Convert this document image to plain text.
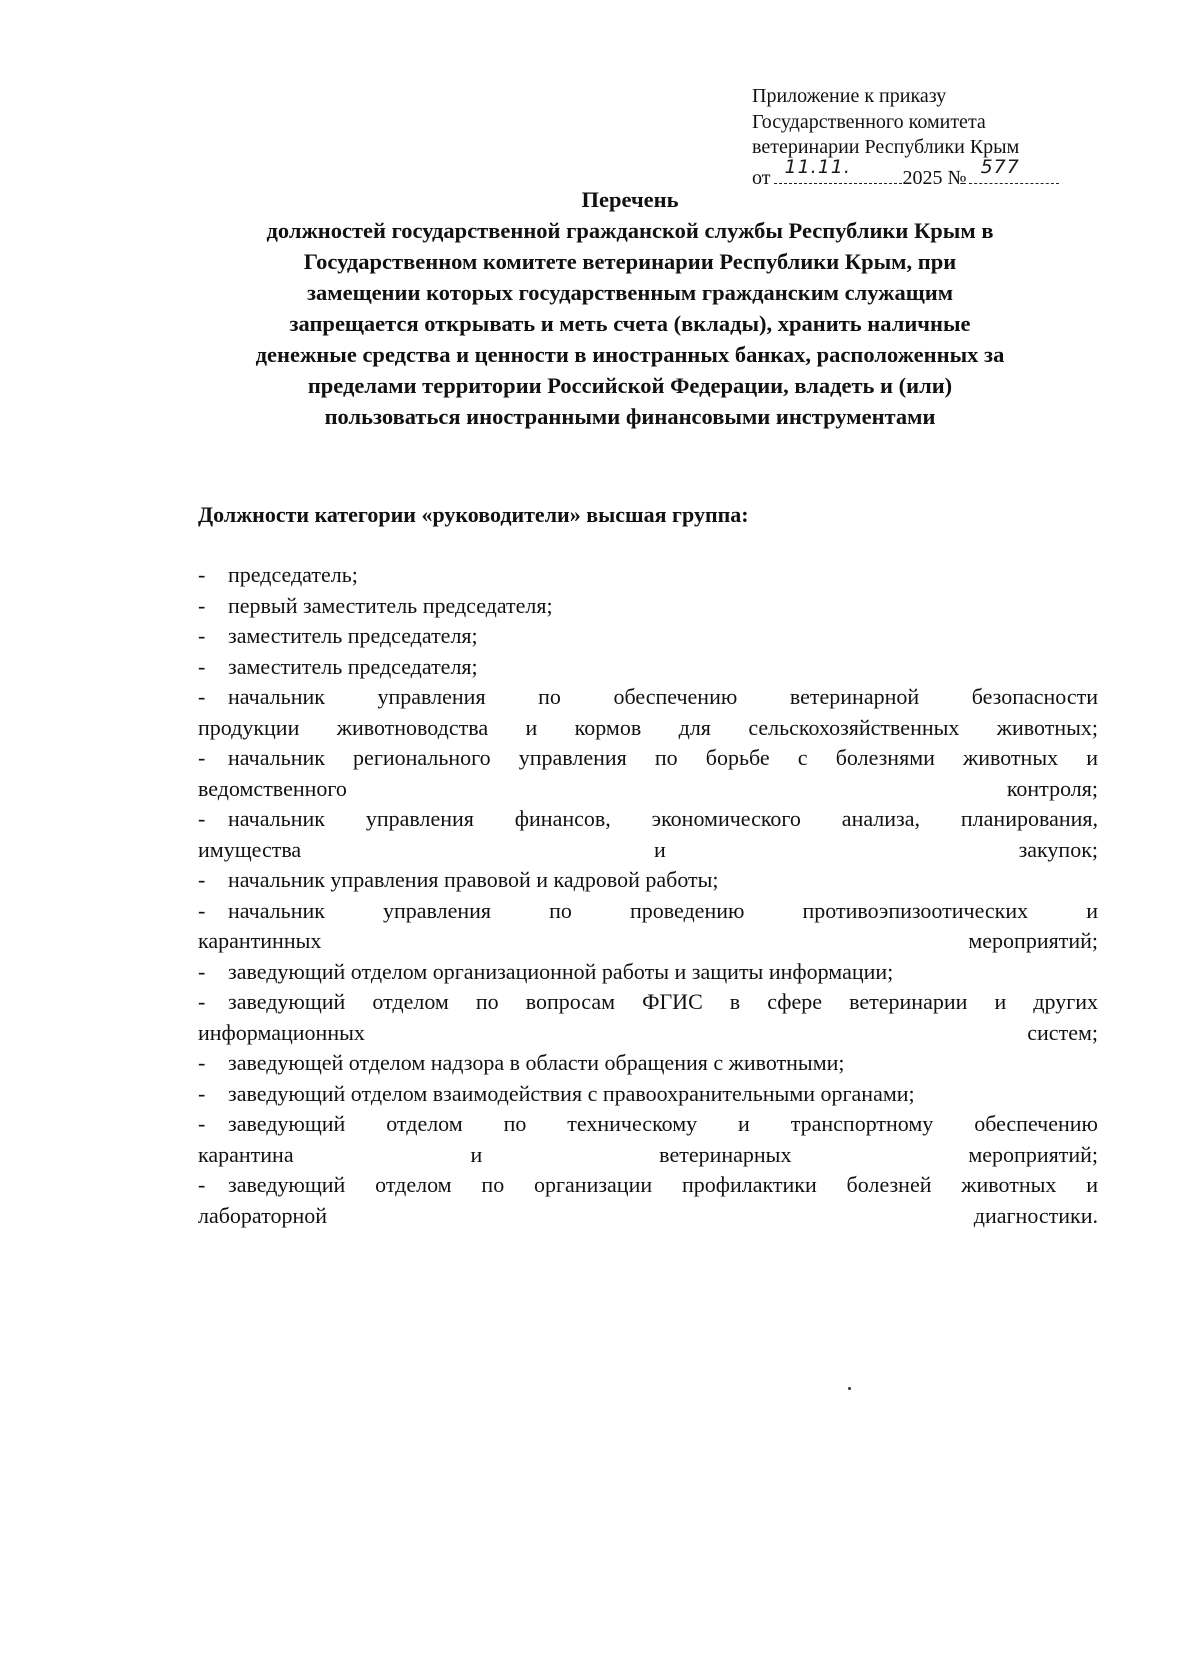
Приложение к приказу
Государственного комитета
ветеринарии Республики Крым
от 11.11.	2025 № 577
Перечень
должностей государственной гражданской службы Республики Крым в
Государственном комитете ветеринарии Республики Крым, при
замещении которых государственным гражданским служащим
запрещается открывать и меть счета (вклады), хранить наличные
денежные средства и ценности в иностранных банках, расположенных за
пределами территории Российской Федерации, владеть и (или)
пользоваться иностранными финансовыми инструментами
Должности категории «руководители» высшая группа:
- председатель;
- первый заместитель председателя;
- заместитель председателя;
- заместитель председателя;
- начальник управления по обеспечению ветеринарной безопасности
продукции животноводства и кормов для сельскохозяйственных животных;
- начальник регионального управления по борьбе с болезнями животных и
ведомственного контроля;
- начальник управления финансов, экономического анализа, планирования,
имущества и закупок;
- начальник управления правовой и кадровой работы;
- начальник управления по проведению противоэпизоотических и
карантинных мероприятий;
- заведующий отделом организационной работы и защиты информации;
- заведующий отделом по вопросам ФГИС в сфере ветеринарии и других
информационных систем;
- заведующей отделом надзора в области обращения с животными;
- заведующий отделом взаимодействия с правоохранительными органами;
- заведующий отделом по техническому и транспортному обеспечению
карантина и ветеринарных мероприятий;
- заведующий отделом по организации профилактики болезней животных и
лабораторной диагностики.
